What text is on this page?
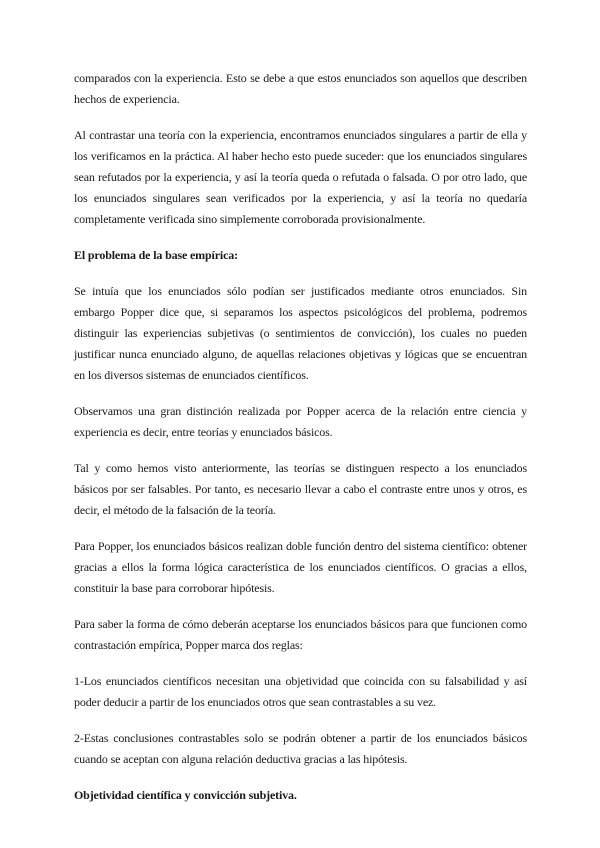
comparados con la experiencia. Esto se debe a que estos enunciados son aquellos que describen hechos de experiencia.

Al contrastar una teoría con la experiencia, encontramos enunciados singulares a partir de ella y los verificamos en la práctica. Al haber hecho esto puede suceder: que los enunciados singulares sean refutados por la experiencia, y así la teoría queda o refutada o falsada. O por otro lado, que los enunciados singulares sean verificados por la experiencia, y así la teoría no quedaría completamente verificada sino simplemente corroborada provisionalmente.

El problema de la base empírica:

Se intuía que los enunciados sólo podían ser justificados mediante otros enunciados. Sin embargo Popper dice que, si separamos los aspectos psicológicos del problema, podremos distinguir las experiencias subjetivas (o sentimientos de convicción), los cuales no pueden justificar nunca enunciado alguno, de aquellas relaciones objetivas y lógicas que se encuentran en los diversos sistemas de enunciados científicos.

Observamos una gran distinción realizada por Popper acerca de la relación entre ciencia y experiencia es decir, entre teorías y enunciados básicos.

Tal y como hemos visto anteriormente, las teorías se distinguen respecto a los enunciados básicos por ser falsables. Por tanto, es necesario llevar a cabo el contraste entre unos y otros, es decir, el método de la falsación de la teoría.

Para Popper, los enunciados básicos realizan doble función dentro del sistema científico: obtener gracias a ellos la forma lógica característica de los enunciados científicos. O gracias a ellos, constituir la base para corroborar hipótesis.

Para saber la forma de cómo deberán aceptarse los enunciados básicos para que funcionen como contrastación empírica, Popper marca dos reglas:

1-Los enunciados científicos necesitan una objetividad que coincida con su falsabilidad y así poder deducir a partir de los enunciados otros que sean contrastables a su vez.

2-Estas conclusiones contrastables solo se podrán obtener a partir de los enunciados básicos cuando se aceptan con alguna relación deductiva gracias a las hipótesis.

Objetividad científica y convicción subjetiva.
